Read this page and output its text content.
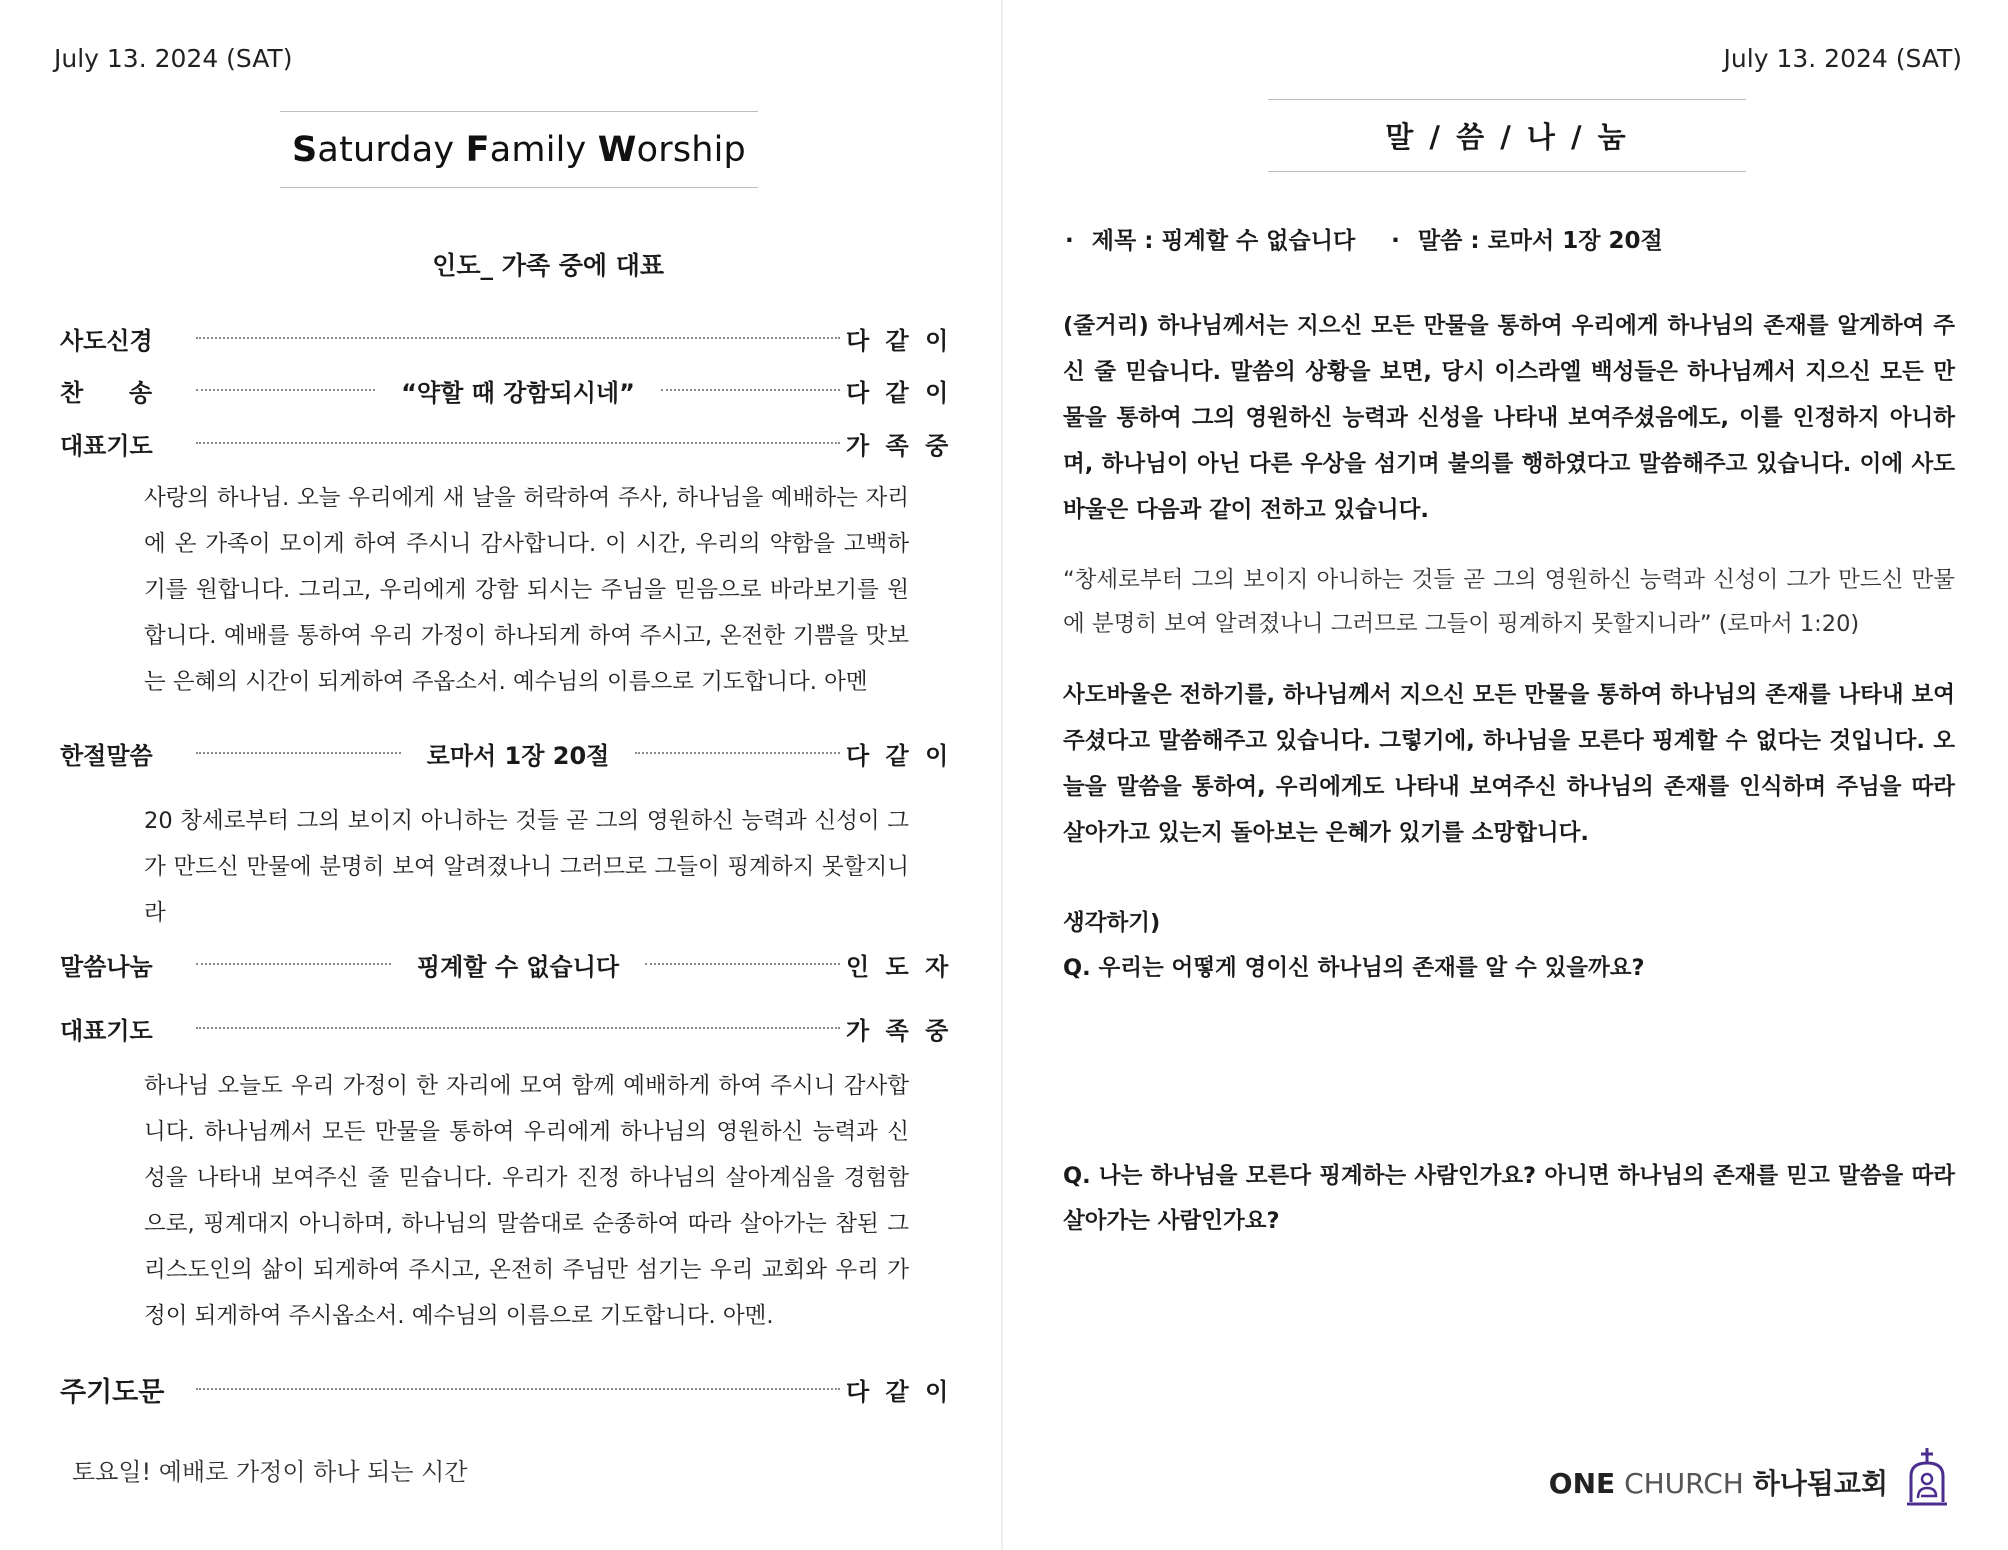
July 13. 2024 (SAT)
Saturday Family Worship
인도_ 가족 중에 대표
사도신경	다 같 이
찬 송	“약할 때 강함되시네”	다 같 이
대표기도	가 족 중

사랑의 하나님. 오늘 우리에게 새 날을 허락하여 주사, 하나님을 예배하는 자리에 온 가족이 모이게 하여 주시니 감사합니다. 이 시간, 우리의 약함을 고백하기를 원합니다. 그리고, 우리에게 강함 되시는 주님을 믿음으로 바라보기를 원합니다. 예배를 통하여 우리 가정이 하나되게 하여 주시고, 온전한 기쁨을 맛보는 은혜의 시간이 되게하여 주옵소서. 예수님의 이름으로 기도합니다. 아멘

한절말씀	로마서 1장 20절	다 같 이

20 창세로부터 그의 보이지 아니하는 것들 곧 그의 영원하신 능력과 신성이 그가 만드신 만물에 분명히 보여 알려졌나니 그러므로 그들이 핑계하지 못할지니라

말씀나눔	핑계할 수 없습니다	인 도 자
대표기도	가 족 중

하나님 오늘도 우리 가정이 한 자리에 모여 함께 예배하게 하여 주시니 감사합니다. 하나님께서 모든 만물을 통하여 우리에게 하나님의 영원하신 능력과 신성을 나타내 보여주신 줄 믿습니다. 우리가 진정 하나님의 살아계심을 경험함으로, 핑계대지 아니하며, 하나님의 말씀대로 순종하여 따라 살아가는 참된 그리스도인의 삶이 되게하여 주시고, 온전히 주님만 섬기는 우리 교회와 우리 가정이 되게하여 주시옵소서. 예수님의 이름으로 기도합니다. 아멘.

주기도문	다 같 이
토요일! 예배로 가정이 하나 되는 시간
July 13. 2024 (SAT)
말 / 씀 / 나 / 눔
· 제목 : 핑계할 수 없습니다
·	말씀 : 로마서 1장 20절

(줄거리) 하나님께서는 지으신 모든 만물을 통하여 우리에게 하나님의 존재를 알게하여 주신 줄 믿습니다. 말씀의 상황을 보면, 당시 이스라엘 백성들은 하나님께서 지으신 모든 만물을 통하여 그의 영원하신 능력과 신성을 나타내 보여주셨음에도, 이를 인정하지 아니하며, 하나님이 아닌 다른 우상을 섬기며 불의를 행하였다고 말씀해주고 있습니다. 이에 사도바울은 다음과 같이 전하고 있습니다.

“창세로부터 그의 보이지 아니하는 것들 곧 그의 영원하신 능력과 신성이 그가 만드신 만물에 분명히 보여 알려졌나니 그러므로 그들이 핑계하지 못할지니라” (로마서 1:20)

사도바울은 전하기를, 하나님께서 지으신 모든 만물을 통하여 하나님의 존재를 나타내 보여주셨다고 말씀해주고 있습니다. 그렇기에, 하나님을 모른다 핑계할 수 없다는 것입니다. 오늘을 말씀을 통하여, 우리에게도 나타내 보여주신 하나님의 존재를 인식하며 주님을 따라 살아가고 있는지 돌아보는 은혜가 있기를 소망합니다.

생각하기)

Q. 우리는 어떻게 영이신 하나님의 존재를 알 수 있을까요?

Q. 나는 하나님을 모른다 핑계하는 사람인가요? 아니면 하나님의 존재를 믿고 말씀을 따라 살아가는 사람인가요?

ONE CHURCH 하나됨교회
